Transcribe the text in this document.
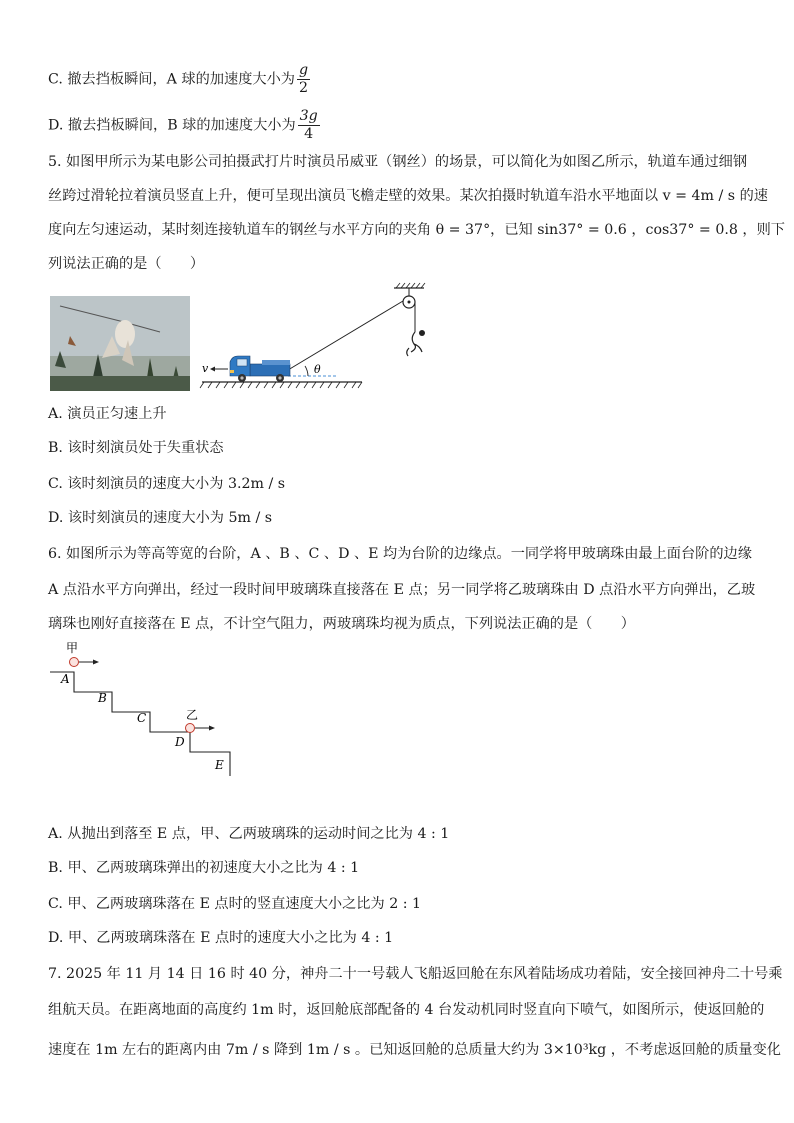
C. 撤去挡板瞬间，A 球的加速度大小为 $\frac{g}{2}$
D. 撤去挡板瞬间，B 球的加速度大小为 $\frac{3g}{4}$
5. 如图甲所示为某电影公司拍摄武打片时演员吊威亚（钢丝）的场景，可以简化为如图乙所示，轨道车通过细钢
丝跨过滑轮拉着演员竖直上升，便可呈现出演员飞檐走壁的效果。某次拍摄时轨道车沿水平地面以 v = 4m / s 的速
度向左匀速运动，某时刻连接轨道车的钢丝与水平方向的夹角 θ = 37°，已知 sin37° = 0.6 ，cos37° = 0.8 ，则下
列说法正确的是（　　）
θ
v
A. 演员正匀速上升
B. 该时刻演员处于失重状态
C. 该时刻演员的速度大小为 3.2m / s
D. 该时刻演员的速度大小为 5m / s
6. 如图所示为等高等宽的台阶，A 、B 、C 、D 、E 均为台阶的边缘点。一同学将甲玻璃珠由最上面台阶的边缘
A 点沿水平方向弹出，经过一段时间甲玻璃珠直接落在 E 点；另一同学将乙玻璃珠由 D 点沿水平方向弹出，乙玻
璃珠也刚好直接落在 E 点，不计空气阻力，两玻璃珠均视为质点，下列说法正确的是（　　）
甲
乙
A
B
C
D
E
A. 从抛出到落至 E 点，甲、乙两玻璃珠的运动时间之比为 4 : 1
B. 甲、乙两玻璃珠弹出的初速度大小之比为 4 : 1
C. 甲、乙两玻璃珠落在 E 点时的竖直速度大小之比为 2 : 1
D. 甲、乙两玻璃珠落在 E 点时的速度大小之比为 4 : 1
7. 2025 年 11 月 14 日 16 时 40 分，神舟二十一号载人飞船返回舱在东风着陆场成功着陆，安全接回神舟二十号乘
组航天员。在距离地面的高度约 1m 时，返回舱底部配备的 4 台发动机同时竖直向下喷气，如图所示，使返回舱的
速度在 1m 左右的距离内由 7m / s 降到 1m / s 。已知返回舱的总质量大约为 3×10³kg ，不考虑返回舱的质量变化
